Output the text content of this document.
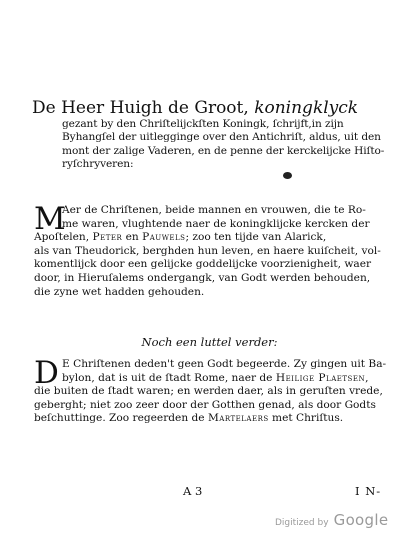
De Heer Huigh de Groot, koningklyck
gezant by den Chriſtelijckſten Koningk, ſchrijft,in zijn
Byhangſel der uitlegginge over den Antichriſt, aldus, uit den
mont der zalige Vaderen, en de penne der kerckelijcke Hiſto-
ryſchryveren:
M
Aer de Chriſtenen, beide mannen en vrouwen, die te Ro-
me waren, vlughtende naer de koningklijcke kercken der
Apoſtelen, Peter en Pauwels; zoo ten tijde van Alarick,
als van Theudorick, berghden hun leven, en haere kuiſcheit, vol-
komentlijck door een gelijcke goddelijcke voorzienigheit, waer
door, in Hieruſalems ondergangk, van Godt werden behouden,
die zyne wet hadden gehouden.
Noch een luttel verder:
D E Chriſtenen deden't geen Godt begeerde. Zy gingen uit Ba-
bylon, dat is uit de ſtadt Rome, naer de Heilige Plaetsen,
die buiten de ſtadt waren; en werden daer, als in geruſten vrede,
geberght; niet zoo zeer door der Gotthen genad, als door Godts
beſchuttinge. Zoo regeerden de Martelaers met Chriſtus.
A 3	I N-
Digitized by Google
